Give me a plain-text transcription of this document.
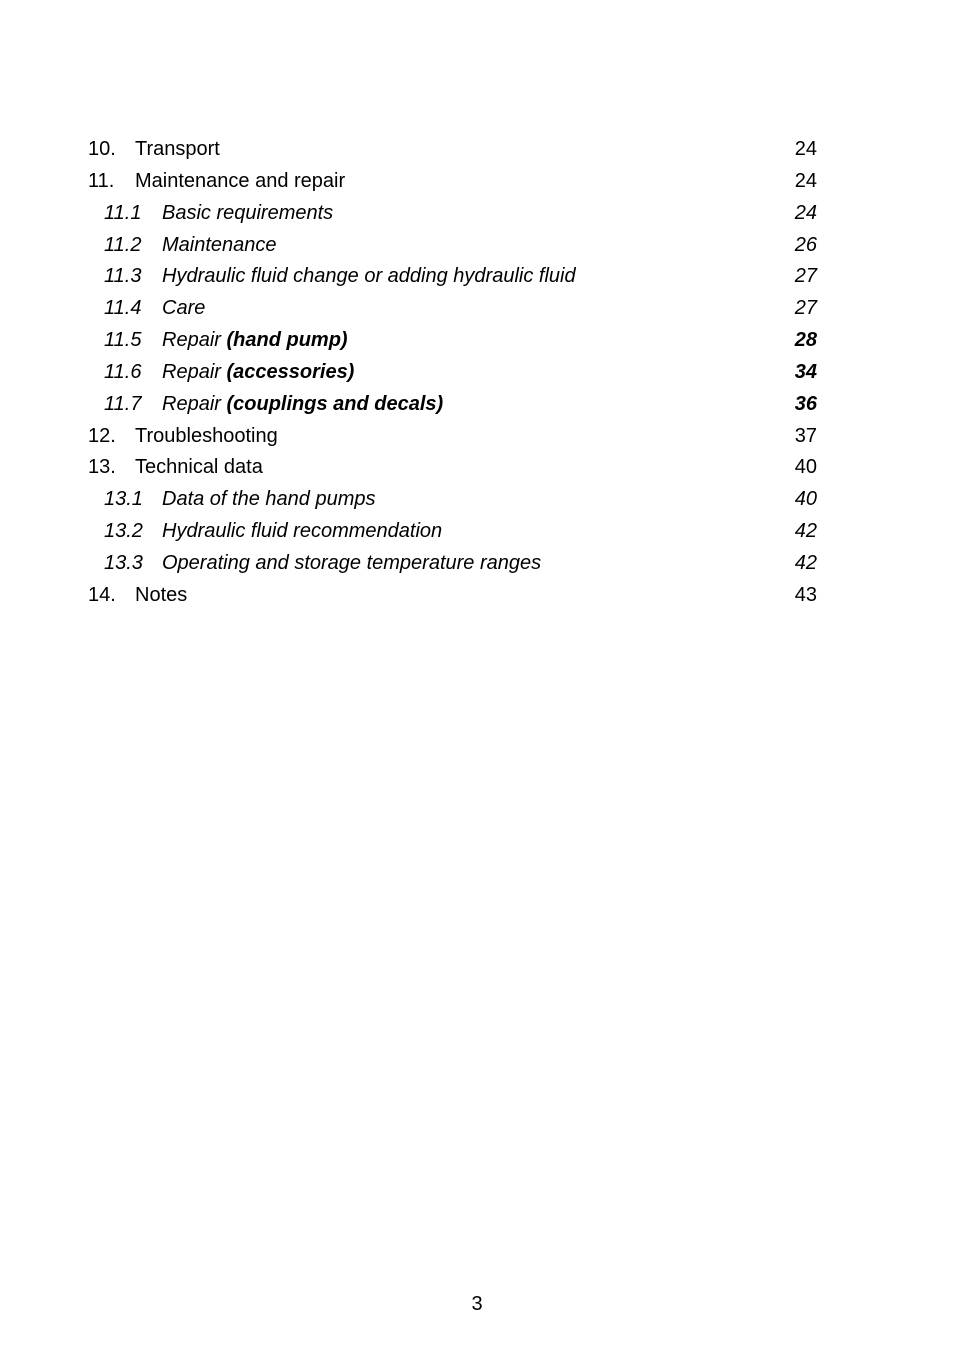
10. Transport	24
11. Maintenance and repair	24
11.1 Basic requirements	24
11.2 Maintenance	26
11.3 Hydraulic fluid change or adding hydraulic fluid	27
11.4 Care	27
11.5 Repair (hand pump)	28
11.6 Repair (accessories)	34
11.7 Repair (couplings and decals)	36
12. Troubleshooting	37
13. Technical data	40
13.1 Data of the hand pumps	40
13.2 Hydraulic fluid recommendation	42
13.3 Operating and storage temperature ranges	42
14. Notes	43
3
